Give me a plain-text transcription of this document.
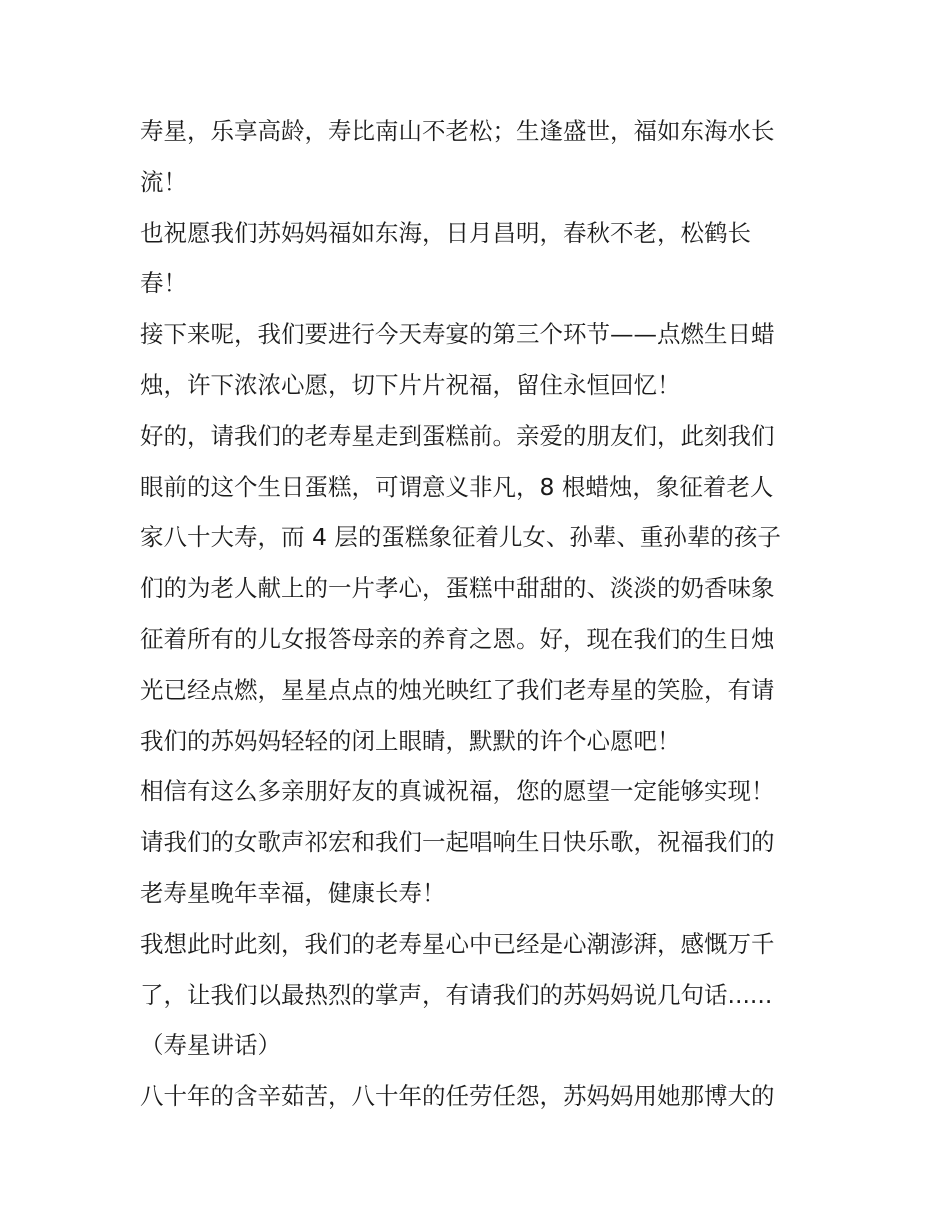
寿星，乐享高龄，寿比南山不老松；生逢盛世，福如东海水长
流！
也祝愿我们苏妈妈福如东海，日月昌明，春秋不老，松鹤长
春！
接下来呢，我们要进行今天寿宴的第三个环节——点燃生日蜡
烛，许下浓浓心愿，切下片片祝福，留住永恒回忆！
好的，请我们的老寿星走到蛋糕前。亲爱的朋友们，此刻我们
眼前的这个生日蛋糕，可谓意义非凡，8 根蜡烛，象征着老人
家八十大寿，而 4 层的蛋糕象征着儿女、孙辈、重孙辈的孩子
们的为老人献上的一片孝心，蛋糕中甜甜的、淡淡的奶香味象
征着所有的儿女报答母亲的养育之恩。好，现在我们的生日烛
光已经点燃，星星点点的烛光映红了我们老寿星的笑脸，有请
我们的苏妈妈轻轻的闭上眼睛，默默的许个心愿吧！
相信有这么多亲朋好友的真诚祝福，您的愿望一定能够实现！
请我们的女歌声祁宏和我们一起唱响生日快乐歌，祝福我们的
老寿星晚年幸福，健康长寿！
我想此时此刻，我们的老寿星心中已经是心潮澎湃，感慨万千
了，让我们以最热烈的掌声，有请我们的苏妈妈说几句话......
（寿星讲话）
八十年的含辛茹苦，八十年的任劳任怨，苏妈妈用她那博大的
